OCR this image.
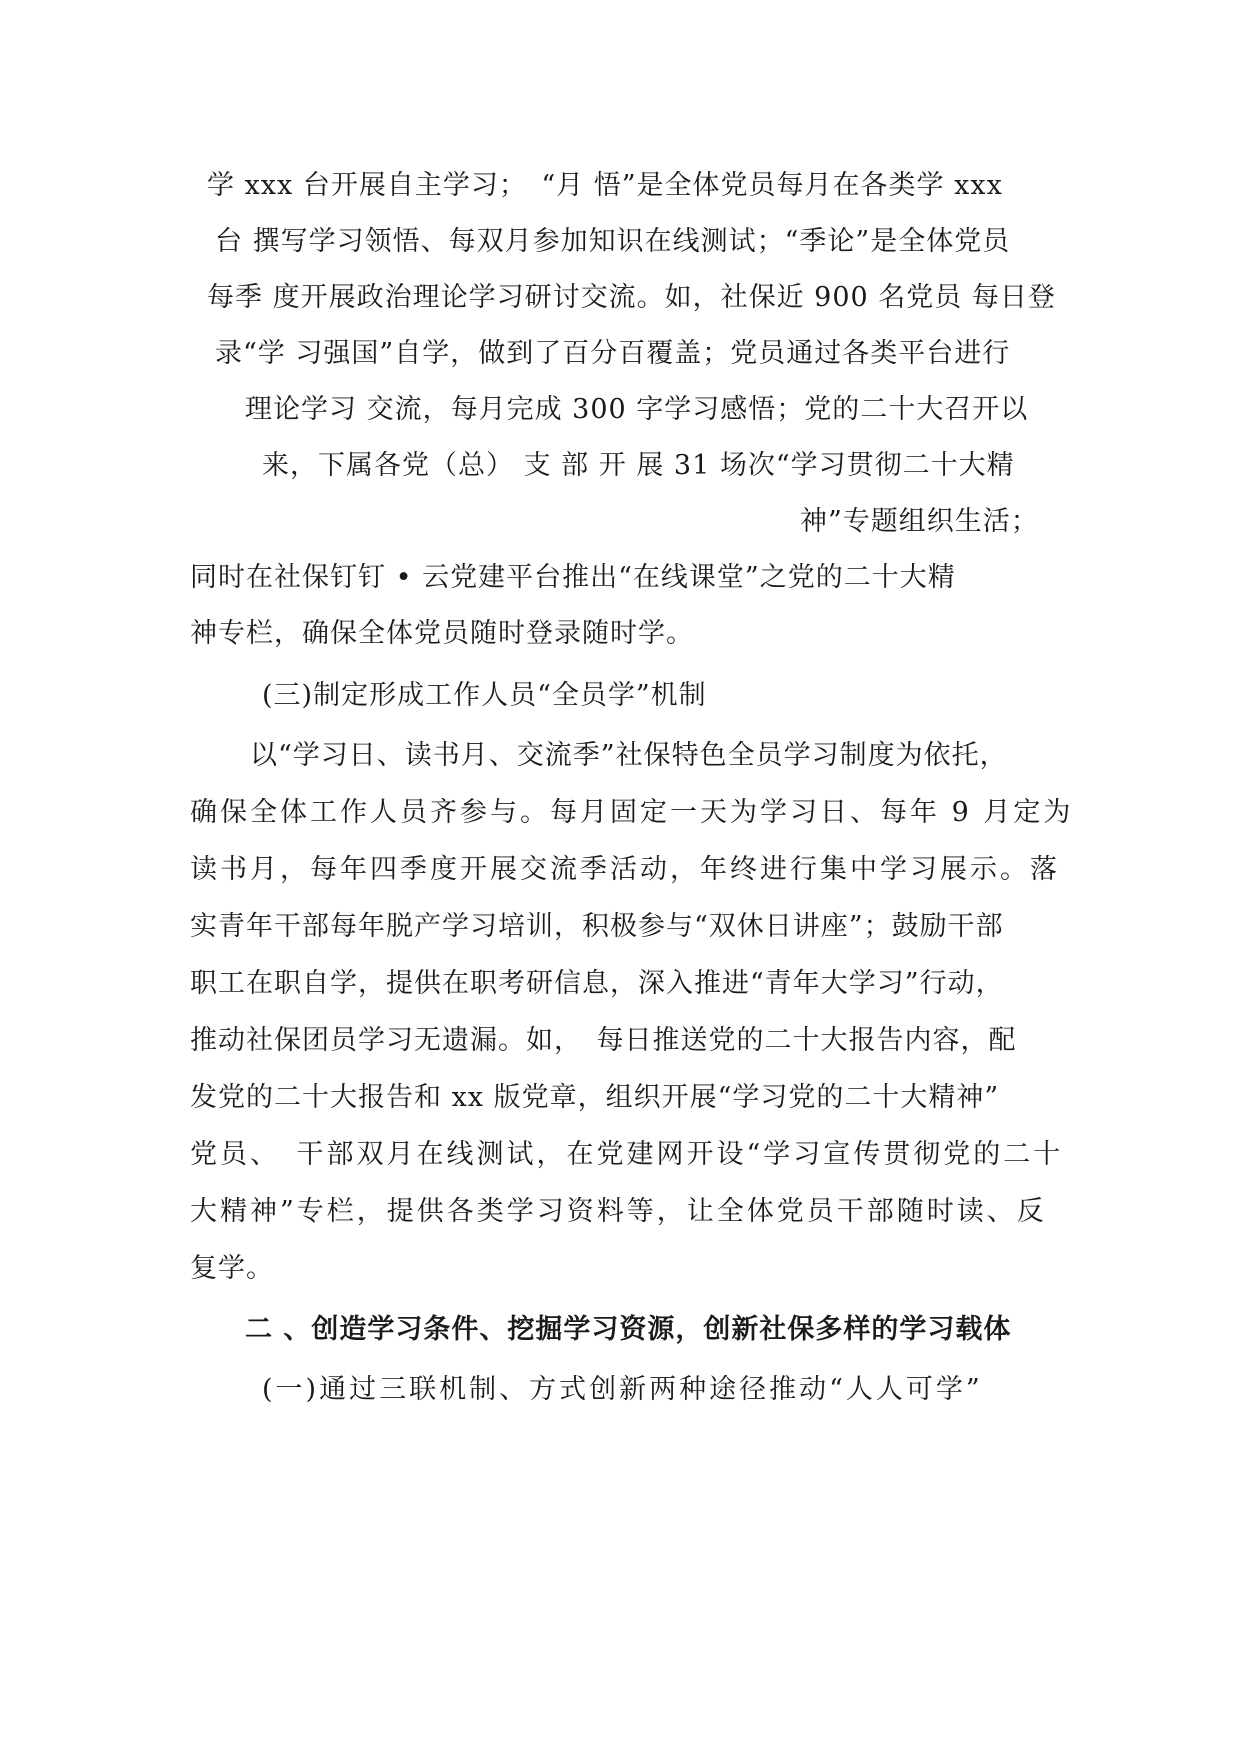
学 xxx 台开展自主学习；　“月 悟”是全体党员每月在各类学 xxx
台 撰写学习领悟、每双月参加知识在线测试；“季论”是全体党员
每季 度开展政治理论学习研讨交流。如，社保近 900 名党员 每日登
录“学 习强国”自学，做到了百分百覆盖；党员通过各类平台进行
理论学习 交流，每月完成 300 字学习感悟；党的二十大召开以
来，下属各党（总） 支 部 开 展 31 场次“学习贯彻二十大精
神”专题组织生活；
同时在社保钉钉 • 云党建平台推出“在线课堂”之党的二十大精
神专栏，确保全体党员随时登录随时学。
(三)制定形成工作人员“全员学”机制
以“学习日、读书月、交流季”社保特色全员学习制度为依托，
确保全体工作人员齐参与。每月固定一天为学习日、每年 9 月定为
读书月，每年四季度开展交流季活动，年终进行集中学习展示。落
实青年干部每年脱产学习培训，积极参与“双休日讲座”；鼓励干部
职工在职自学，提供在职考研信息，深入推进“青年大学习”行动，
推动社保团员学习无遗漏。如，　每日推送党的二十大报告内容，配
发党的二十大报告和 xx 版党章，组织开展“学习党的二十大精神”
党员、　干部双月在线测试，在党建网开设“学习宣传贯彻党的二十
大精神”专栏，提供各类学习资料等，让全体党员干部随时读、反
复学。
二 、创造学习条件、挖掘学习资源，创新社保多样的学习载体
(一)通过三联机制、方式创新两种途径推动“人人可学”
